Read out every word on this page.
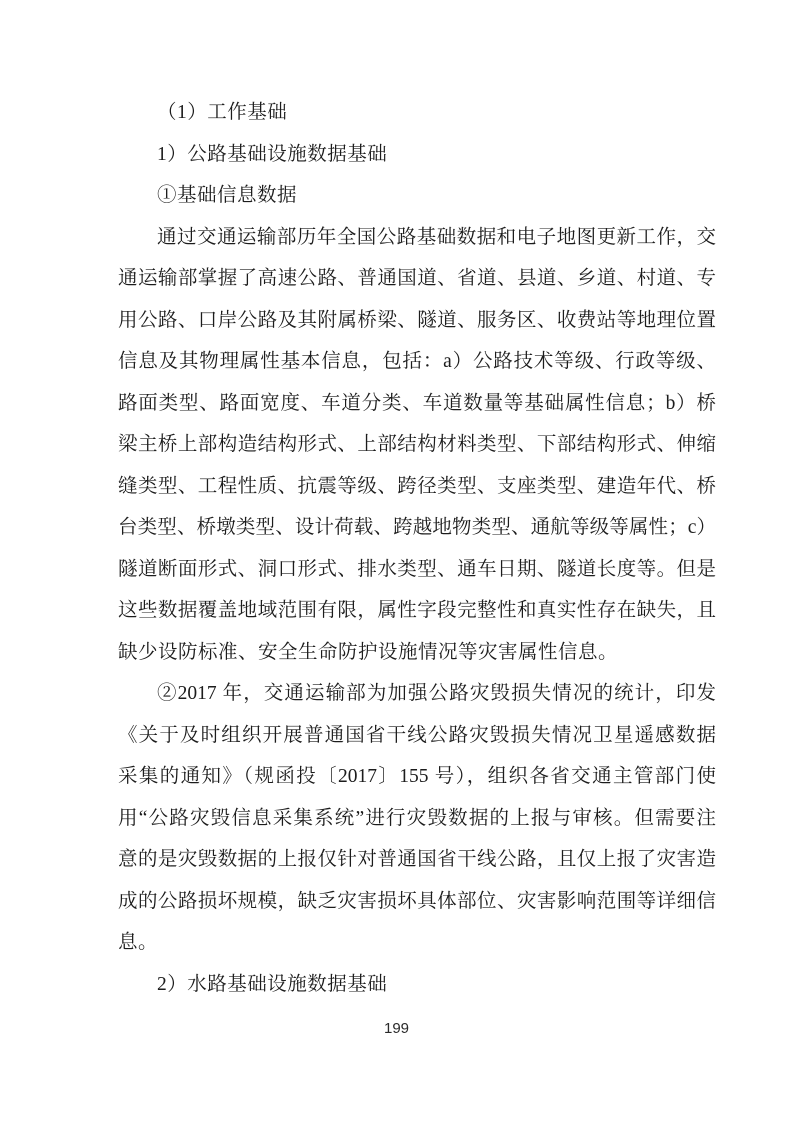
（1）工作基础
1）公路基础设施数据基础
①基础信息数据
通过交通运输部历年全国公路基础数据和电子地图更新工作，交
通运输部掌握了高速公路、普通国道、省道、县道、乡道、村道、专
用公路、口岸公路及其附属桥梁、隧道、服务区、收费站等地理位置
信息及其物理属性基本信息，包括：a）公路技术等级、行政等级、
路面类型、路面宽度、车道分类、车道数量等基础属性信息；b）桥
梁主桥上部构造结构形式、上部结构材料类型、下部结构形式、伸缩
缝类型、工程性质、抗震等级、跨径类型、支座类型、建造年代、桥
台类型、桥墩类型、设计荷载、跨越地物类型、通航等级等属性；c）
隧道断面形式、洞口形式、排水类型、通车日期、隧道长度等。但是
这些数据覆盖地域范围有限，属性字段完整性和真实性存在缺失，且
缺少设防标准、安全生命防护设施情况等灾害属性信息。
②2017 年，交通运输部为加强公路灾毁损失情况的统计，印发
《关于及时组织开展普通国省干线公路灾毁损失情况卫星遥感数据
采集的通知》（规函投〔2017〕155 号），组织各省交通主管部门使
用“公路灾毁信息采集系统”进行灾毁数据的上报与审核。但需要注
意的是灾毁数据的上报仅针对普通国省干线公路，且仅上报了灾害造
成的公路损坏规模，缺乏灾害损坏具体部位、灾害影响范围等详细信
息。
2）水路基础设施数据基础
199
